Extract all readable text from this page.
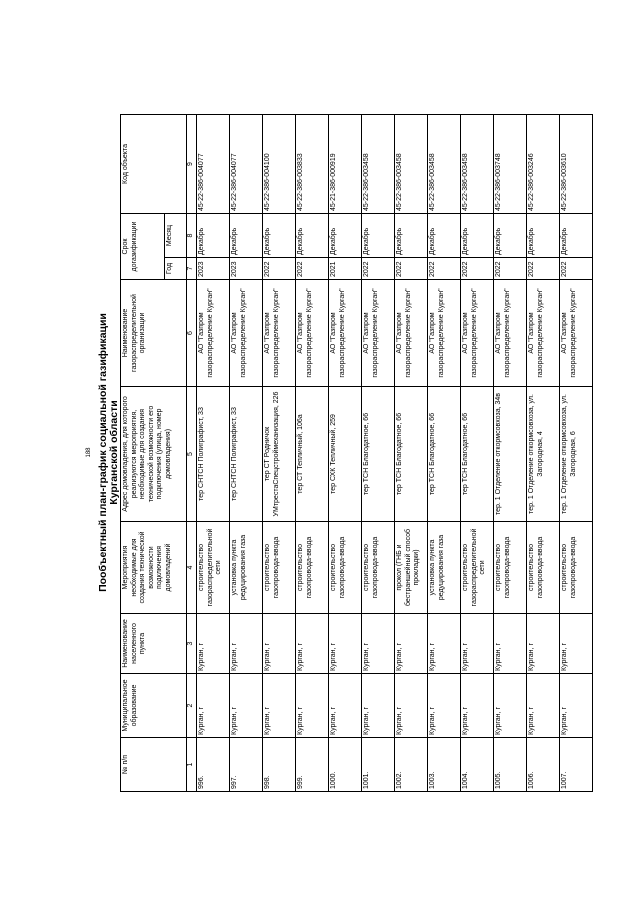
188 Пообъектный план-график социальной газификации Курганской области
№ п/п	Муниципальное образование	Наименование населенного пункта	Мероприятия необходимые для создания технической возможности подключения домовладений	Адрес домовладения, для которого реализуются мероприятия, необходимые для создания технической возможности его подключения (улица, номер домовладения)	Наименование газораспределительной организации	Срок догазификации		Код объекта
						Год	Месяц	
1	2	3	4	5	6	7	8	9
996.	Курган, г	Курган, г	строительство газораспределительной сети	тер СНТСН Полиграфист, 33	АО "Газпром газораспределение Курган"	2023	Декабрь	45-22-386-004077
997.	Курган, г	Курган, г	установка пункта редуцирования газа	тер СНТСН Полиграфист, 33	АО "Газпром газораспределение Курган"	2023	Декабрь	45-22-386-004077
998.	Курган, г	Курган, г	строительство газопровода-ввода	тер СТ Родничок УМтрестаСпецстроймеханизация, 226	АО "Газпром газораспределение Курган"	2022	Декабрь	45-22-386-004100
999.	Курган, г	Курган, г	строительство газопровода-ввода	тер СТ Тепличный, 106а	АО "Газпром газораспределение Курган"	2022	Декабрь	45-22-386-003833
1000.	Курган, г	Курган, г	строительство газопровода-ввода	тер СХК Тепличный, 259	АО "Газпром газораспределение Курган"	2021	Декабрь	45-21-386-000919
1001.	Курган, г	Курган, г	строительство газопровода-ввода	тер ТСН Благодатное, 66	АО "Газпром газораспределение Курган"	2022	Декабрь	45-22-386-003458
1002.	Курган, г	Курган, г	прокол (ГНБ и бестраншейный способ прокладки)	тер ТСН Благодатное, 66	АО "Газпром газораспределение Курган"	2022	Декабрь	45-22-386-003458
1003.	Курган, г	Курган, г	установка пункта редуцирования газа	тер ТСН Благодатное, 66	АО "Газпром газораспределение Курган"	2022	Декабрь	45-22-386-003458
1004.	Курган, г	Курган, г	строительство газораспределительной сети	тер ТСН Благодатное, 66	АО "Газпром газораспределение Курган"	2022	Декабрь	45-22-386-003458
1005.	Курган, г	Курган, г	строительство газопровода-ввода	тер. 1 Отделение откормсовхоза, 34в	АО "Газпром газораспределение Курган"	2022	Декабрь	45-22-386-003748
1006.	Курган, г	Курган, г	строительство газопровода-ввода	тер. 1 Отделение откормсовхоза, ул. Загородная, 4	АО "Газпром газораспределение Курган"	2022	Декабрь	45-22-386-003246
1007.	Курган, г	Курган, г	строительство газопровода-ввода	тер. 1 Отделение откормсовхоза, ул. Загородная, 6	АО "Газпром газораспределение Курган"	2022	Декабрь	45-22-386-003610
